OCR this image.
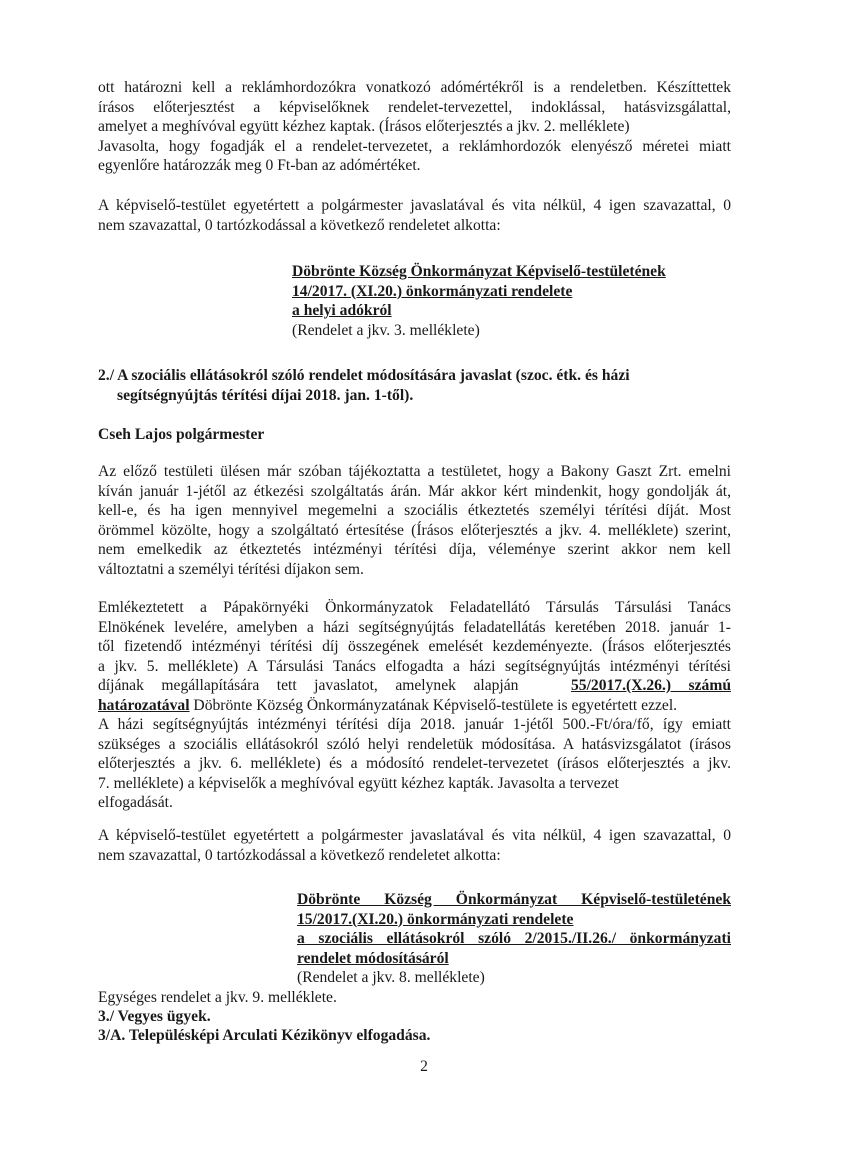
ott határozni kell a reklámhordozókra vonatkozó adómértékről is a rendeletben. Készíttettek
írásos előterjesztést a képviselőknek rendelet-tervezettel, indoklással, hatásvizsgálattal,
amelyet a meghívóval együtt kézhez kaptak. (Írásos előterjesztés a jkv. 2. melléklete)
Javasolta, hogy fogadják el a rendelet-tervezetet, a reklámhordozók elenyésző méretei miatt
egyenlőre határozzák meg 0 Ft-ban az adómértéket.

A képviselő-testület egyetértett a polgármester javaslatával és vita nélkül, 4 igen szavazattal, 0
nem szavazattal, 0 tartózkodással a következő rendeletet alkotta:

Döbrönte Község Önkormányzat Képviselő-testületének
14/2017. (XI.20.) önkormányzati rendelete
a helyi adókról
(Rendelet a jkv. 3. melléklete)
2./ A szociális ellátásokról szóló rendelet módosítására javaslat (szoc. étk. és házi
segítségnyújtás térítési díjai 2018. jan. 1-től).
Cseh Lajos polgármester

Az előző testületi ülésen már szóban tájékoztatta a testületet, hogy a Bakony Gaszt Zrt. emelni
kíván január 1-jétől az étkezési szolgáltatás árán. Már akkor kért mindenkit, hogy gondolják át,
kell-e, és ha igen mennyivel megemelni a szociális étkeztetés személyi térítési díját. Most
örömmel közölte, hogy a szolgáltató értesítése (Írásos előterjesztés a jkv. 4. melléklete) szerint,
nem emelkedik az étkeztetés intézményi térítési díja, véleménye szerint akkor nem kell
változtatni a személyi térítési díjakon sem.

Emlékeztetett a Pápakörnyéki Önkormányzatok Feladatellátó Társulás Társulási Tanács
Elnökének levelére, amelyben a házi segítségnyújtás feladatellátás keretében 2018. január 1-
től fizetendő intézményi térítési díj összegének emelését kezdeményezte. (Írásos előterjesztés
a jkv. 5. melléklete) A Társulási Tanács elfogadta a házi segítségnyújtás intézményi térítési
díjának megállapítására tett javaslatot, amelynek alapján	55/2017.(X.26.) számú
határozatával Döbrönte Község Önkormányzatának Képviselő-testülete is egyetértett ezzel.
A házi segítségnyújtás intézményi térítési díja 2018. január 1-jétől 500.-Ft/óra/fő, így emiatt
szükséges a szociális ellátásokról szóló helyi rendeletük módosítása. A hatásvizsgálatot (írásos
előterjesztés a jkv. 6. melléklete) és a módosító rendelet-tervezetet (írásos előterjesztés a jkv.
7. melléklete) a képviselők a meghívóval együtt kézhez kapták. Javasolta a tervezet
elfogadását.

A képviselő-testület egyetértett a polgármester javaslatával és vita nélkül, 4 igen szavazattal, 0
nem szavazattal, 0 tartózkodással a következő rendeletet alkotta:

Döbrönte Község Önkormányzat Képviselő-testületének
15/2017.(XI.20.) önkormányzati rendelete
a szociális ellátásokról szóló 2/2015./II.26./ önkormányzati
rendelet módosításáról
(Rendelet a jkv. 8. melléklete)
Egységes rendelet a jkv. 9. melléklete.
3./ Vegyes ügyek.
3/A. Településképi Arculati Kézikönyv elfogadása.
2
